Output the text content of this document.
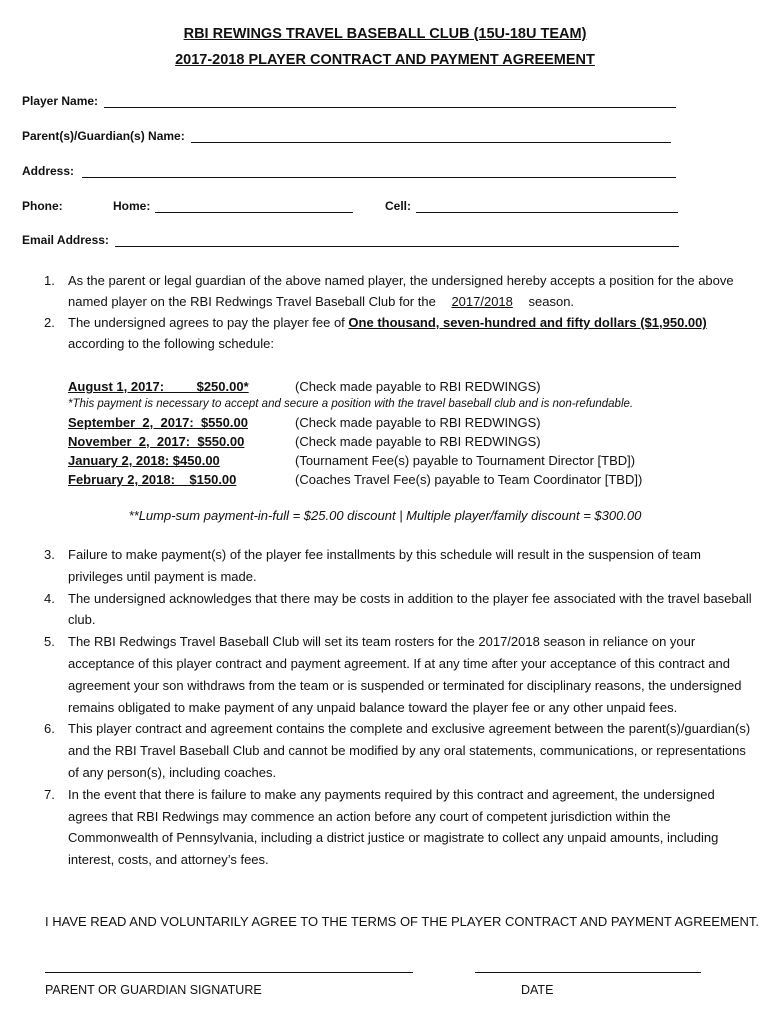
RBI REWINGS TRAVEL BASEBALL CLUB (15U-18U TEAM)
2017-2018 PLAYER CONTRACT AND PAYMENT AGREEMENT
Player Name:
Parent(s)/Guardian(s) Name:
Address:
Phone:	Home:	Cell:
Email Address:
1. As the parent or legal guardian of the above named player, the undersigned hereby accepts a position for the above named player on the RBI Redwings Travel Baseball Club for the 2017/2018 season.
2. The undersigned agrees to pay the player fee of One thousand, seven-hundred and fifty dollars ($1,950.00) according to the following schedule:
August 1, 2017:         $250.00*	(Check made payable to RBI REDWINGS)
*This payment is necessary to accept and secure a position with the travel baseball club and is non-refundable.
September  2,  2017:  $550.00	(Check made payable to RBI REDWINGS)
November  2,  2017:  $550.00	(Check made payable to RBI REDWINGS)
January 2, 2018: $450.00	(Tournament Fee(s) payable to Tournament Director [TBD])
February 2, 2018:    $150.00	(Coaches Travel Fee(s) payable to Team Coordinator [TBD])
**Lump-sum payment-in-full = $25.00 discount | Multiple player/family discount = $300.00
3. Failure to make payment(s) of the player fee installments by this schedule will result in the suspension of team privileges until payment is made.
4. The undersigned acknowledges that there may be costs in addition to the player fee associated with the travel baseball club.
5. The RBI Redwings Travel Baseball Club will set its team rosters for the 2017/2018 season in reliance on your acceptance of this player contract and payment agreement. If at any time after your acceptance of this contract and agreement your son withdraws from the team or is suspended or terminated for disciplinary reasons, the undersigned remains obligated to make payment of any unpaid balance toward the player fee or any other unpaid fees.
6. This player contract and agreement contains the complete and exclusive agreement between the parent(s)/guardian(s) and the RBI Travel Baseball Club and cannot be modified by any oral statements, communications, or representations of any person(s), including coaches.
7. In the event that there is failure to make any payments required by this contract and agreement, the undersigned agrees that RBI Redwings may commence an action before any court of competent jurisdiction within the Commonwealth of Pennsylvania, including a district justice or magistrate to collect any unpaid amounts, including interest, costs, and attorney’s fees.
I HAVE READ AND VOLUNTARILY AGREE TO THE TERMS OF THE PLAYER CONTRACT AND PAYMENT AGREEMENT.
PARENT OR GUARDIAN SIGNATURE	DATE
